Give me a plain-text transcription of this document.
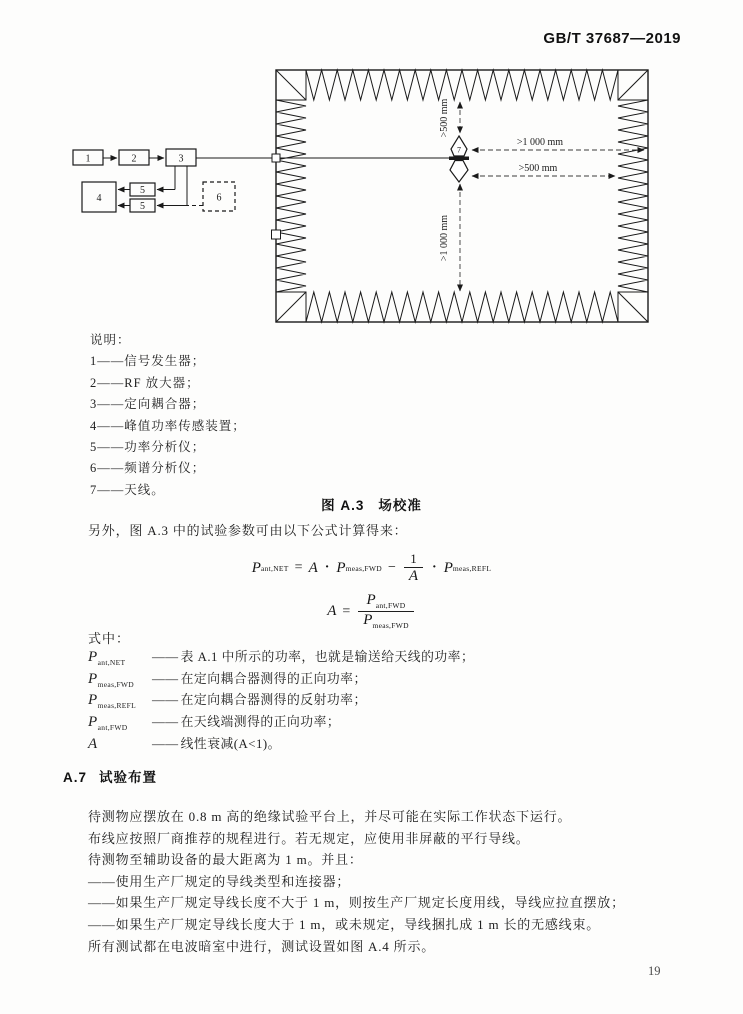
GB/T 37687—2019
1	2	3
4
5
5
6
7
>500 mm
>1 000 mm
>500 mm
>1 000 mm
说明：
1——信号发生器；
2——RF 放大器；
3——定向耦合器；
4——峰值功率传感装置；
5——功率分析仪；
6——频谱分析仪；
7——天线。
图 A.3 场校准
另外，图 A.3 中的试验参数可由以下公式计算得来：
P ant,NET = A · P meas,FWD − $\frac{1}{A} \cdot P$ meas,REFL
$A = \frac{P_{ant,FWD}}{P_{meas,FWD}}$
式中：
$P_{ant,NET}$	—— 表 A.1 中所示的功率，也就是输送给天线的功率；
$P_{meas,FWD}$	—— 在定向耦合器测得的正向功率；
$P_{meas,REFL}$	—— 在定向耦合器测得的反射功率；
$P_{ant,FWD}$	—— 在天线端测得的正向功率；
A	—— 线性衰减(A<1)。
A.7 试验布置
待测物应摆放在 0.8 m 高的绝缘试验平台上，并尽可能在实际工作状态下运行。
布线应按照厂商推荐的规程进行。若无规定，应使用非屏蔽的平行导线。
待测物至辅助设备的最大距离为 1 m。并且：
——使用生产厂规定的导线类型和连接器；
——如果生产厂规定导线长度不大于 1 m，则按生产厂规定长度用线，导线应拉直摆放；
——如果生产厂规定导线长度大于 1 m，或未规定，导线捆扎成 1 m 长的无感线束。
所有测试都在电波暗室中进行，测试设置如图 A.4 所示。
19
